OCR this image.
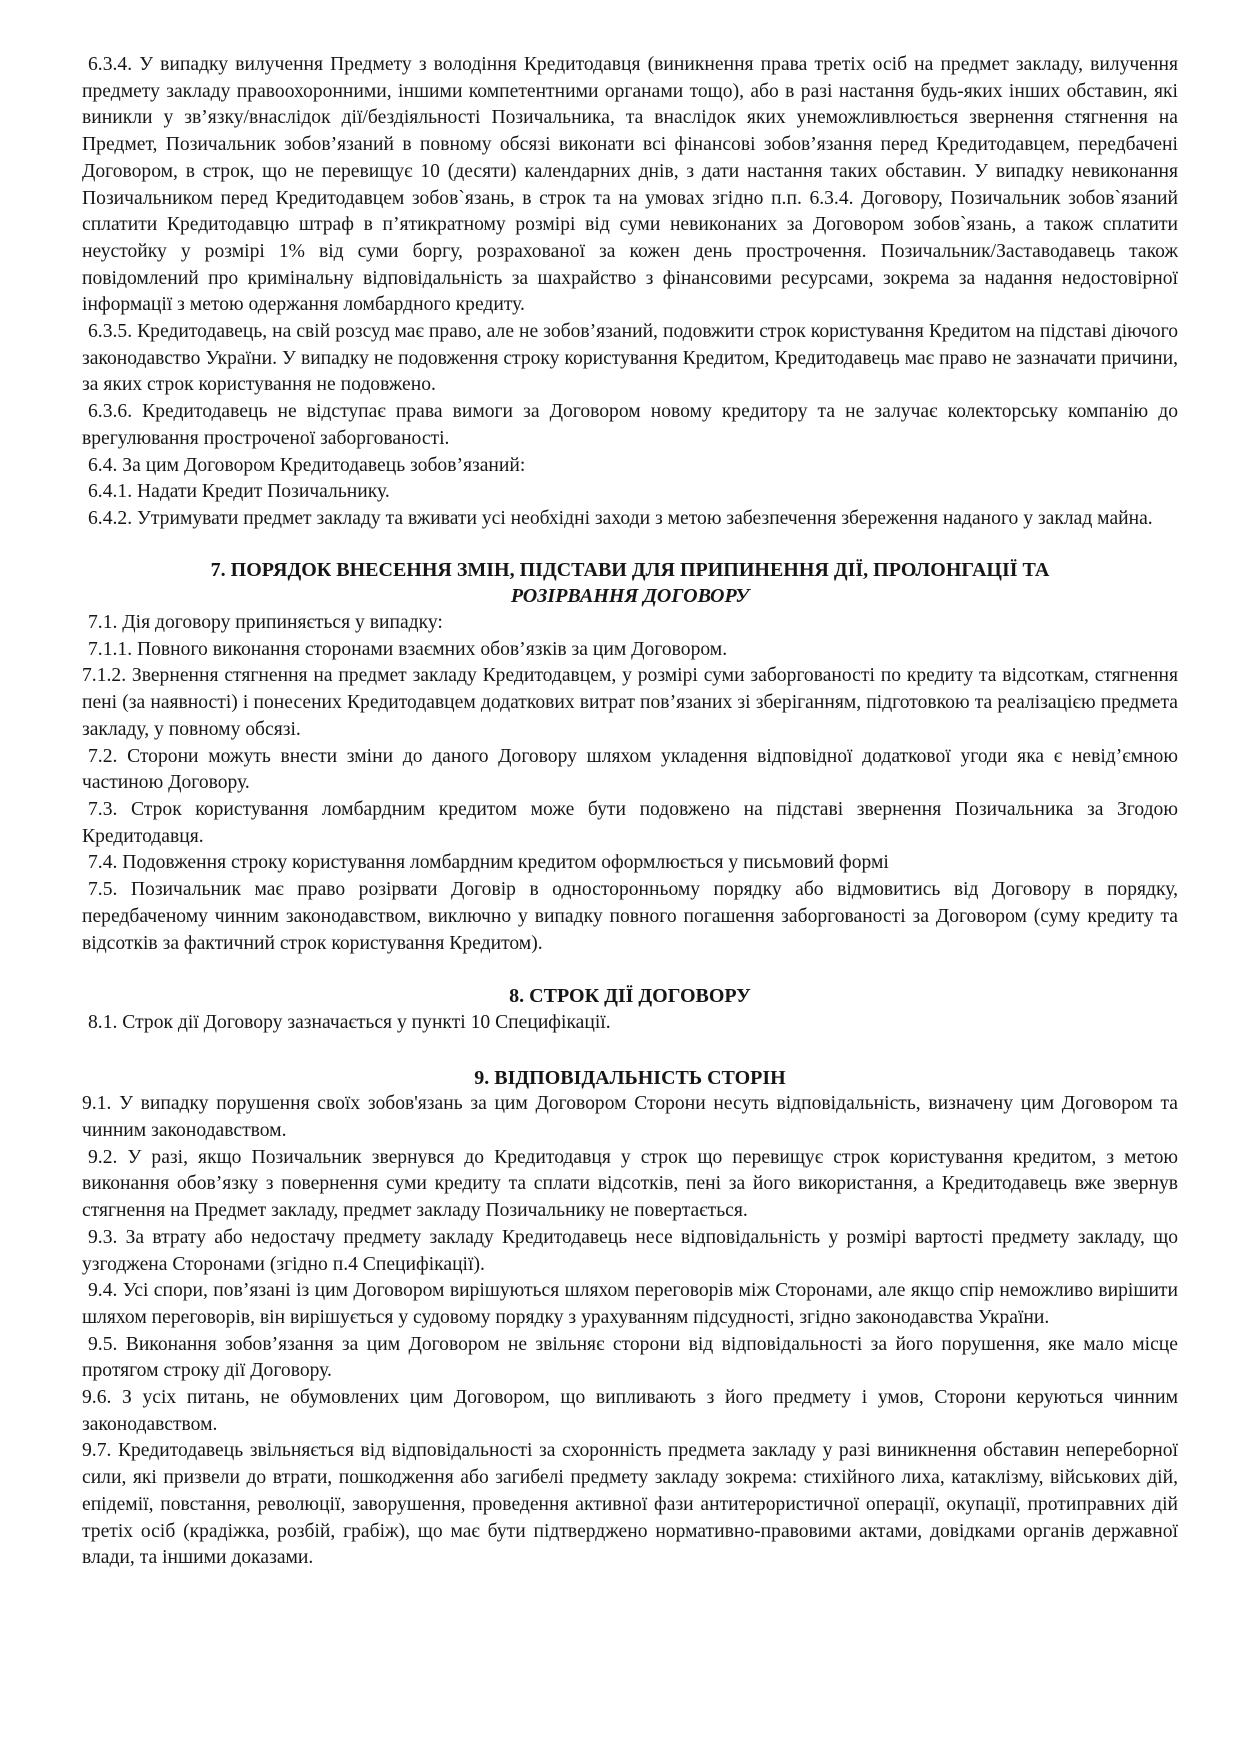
6.3.4. У випадку вилучення Предмету з володіння Кредитодавця (виникнення права третіх осіб на предмет закладу, вилучення предмету закладу правоохоронними, іншими компетентними органами тощо), або в разі настання будь-яких інших обставин, які виникли у зв’язку/внаслідок дії/бездіяльності Позичальника, та внаслідок яких унеможливлюється звернення стягнення на Предмет, Позичальник зобов’язаний в повному обсязі виконати всі фінансові зобов’язання перед Кредитодавцем, передбачені Договором, в строк, що не перевищує 10 (десяти) календарних днів, з дати настання таких обставин. У випадку невиконання Позичальником перед Кредитодавцем зобов`язань, в строк та на умовах згідно п.п. 6.3.4. Договору, Позичальник зобов`язаний сплатити Кредитодавцю штраф в п’ятикратному розмірі від суми невиконаних за Договором зобов`язань, а також сплатити неустойку у розмірі 1% від суми боргу, розрахованої за кожен день прострочення. Позичальник/Заставодавець також повідомлений про кримінальну відповідальність за шахрайство з фінансовими ресурсами, зокрема за надання недостовірної інформації з метою одержання ломбардного кредиту.

6.3.5. Кредитодавець, на свій розсуд має право, але не зобов’язаний, подовжити строк користування Кредитом на підставі діючого законодавство України. У випадку не подовження строку користування Кредитом, Кредитодавець має право не зазначати причини, за яких строк користування не подовжено.

6.3.6. Кредитодавець не відступає права вимоги за Договором новому кредитору та не залучає колекторську компанію до врегулювання простроченої заборгованості.

6.4. За цим Договором Кредитодавець зобов’язаний:

6.4.1. Надати Кредит Позичальнику.

6.4.2. Утримувати предмет закладу та вживати усі необхідні заходи з метою забезпечення збереження наданого у заклад майна.

7. ПОРЯДОК ВНЕСЕННЯ ЗМІН, ПІДСТАВИ ДЛЯ ПРИПИНЕННЯ ДІЇ, ПРОЛОНГАЦІЇ ТА

РОЗІРВАННЯ ДОГОВОРУ

7.1. Дія договору припиняється у випадку:

7.1.1. Повного виконання сторонами взаємних обов’язків за цим Договором.

7.1.2. Звернення стягнення на предмет закладу Кредитодавцем, у розмірі суми заборгованості по кредиту та відсоткам, стягнення пені (за наявності) і понесених Кредитодавцем додаткових витрат пов’язаних зі зберіганням, підготовкою та реалізацією предмета закладу, у повному обсязі.

7.2. Сторони можуть внести зміни до даного Договору шляхом укладення відповідної додаткової угоди яка є невід’ємною частиною Договору.

7.3. Строк користування ломбардним кредитом може бути подовжено на підставі звернення Позичальника за Згодою Кредитодавця.

7.4. Подовження строку користування ломбардним кредитом оформлюється у письмовий формі

7.5. Позичальник має право розірвати Договір в односторонньому порядку або відмовитись від Договору в порядку, передбаченому чинним законодавством, виключно у випадку повного погашення заборгованості за Договором (суму кредиту та відсотків за фактичний строк користування Кредитом).

8. СТРОК ДІЇ ДОГОВОРУ

8.1. Строк дії Договору зазначається у пункті 10 Специфікації.

9. ВІДПОВІДАЛЬНІСТЬ СТОРІН

9.1. У випадку порушення своїх зобов'язань за цим Договором Сторони несуть відповідальність, визначену цим Договором та чинним законодавством.

9.2. У разі, якщо Позичальник звернувся до Кредитодавця у строк що перевищує строк користування кредитом, з метою виконання обов’язку з повернення суми кредиту та сплати відсотків, пені за його використання, а Кредитодавець вже звернув стягнення на Предмет закладу, предмет закладу Позичальнику не повертається.

9.3. За втрату або недостачу предмету закладу Кредитодавець несе відповідальність у розмірі вартості предмету закладу, що узгоджена Сторонами (згідно п.4 Специфікації).

9.4. Усі спори, пов’язані із цим Договором вирішуються шляхом переговорів між Сторонами, але якщо спір неможливо вирішити шляхом переговорів, він вирішується у судовому порядку з урахуванням підсудності, згідно законодавства України.

9.5. Виконання зобов’язання за цим Договором не звільняє сторони від відповідальності за його порушення, яке мало місце протягом строку дії Договору.

9.6. З усіх питань, не обумовлених цим Договором, що випливають з його предмету і умов, Сторони керуються чинним законодавством.

9.7. Кредитодавець звільняється від відповідальності за схоронність предмета закладу у разі виникнення обставин непереборної сили, які призвели до втрати, пошкодження або загибелі предмету закладу зокрема: стихійного лиха, катаклізму, військових дій, епідемії, повстання, революції, заворушення, проведення активної фази антитерористичної операції, окупації, протиправних дій третіх осіб (крадіжка, розбій, грабіж), що має бути підтверджено нормативно-правовими актами, довідками органів державної влади, та іншими доказами.
